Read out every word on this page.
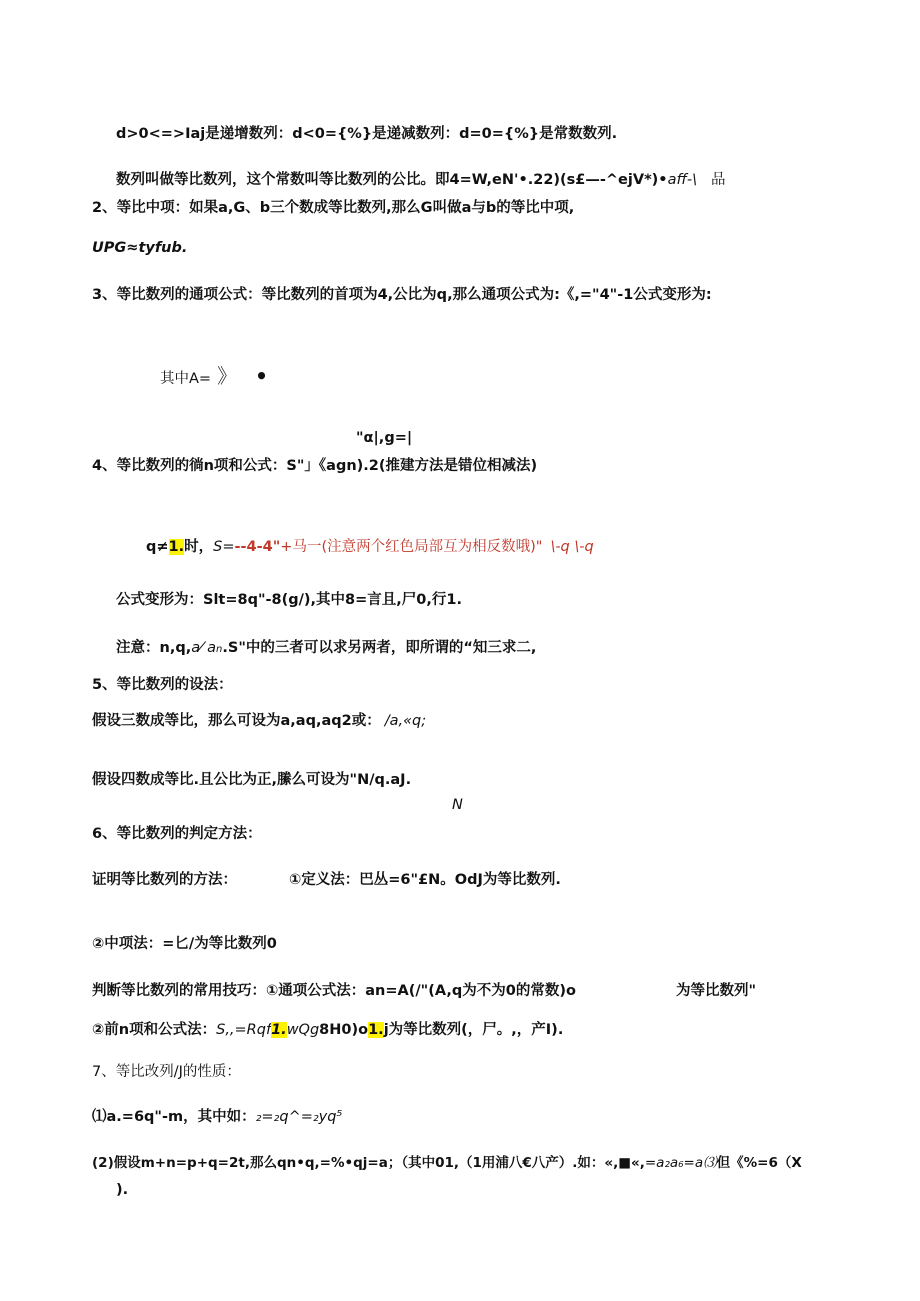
d>0<=>Iaj是递增数列：d<0={%}是递减数列：d=0={%}是常数数列.
数列叫做等比数列，这个常数叫等比数列的公比。即4=W,eN'•.22)(s£—-^ejV*)•aff-\ 品
2、等比中项：如果a,G、b三个数成等比数列,那么G叫做a与b的等比中项,
UPG≈tyfub.
3、等比数列的通项公式：等比数列的首项为4,公比为q,那么通项公式为:《,="4"-1公式变形为:
其中A= 》 •
"α|,g=|
4、等比数列的徜n项和公式：S"」《agn).2(推建方法是错位相减法)
q≠1.时，S=--4-4"+马一(注意两个红色局部互为相反数哦)" \-q \-q
公式变形为：Slt=8q"-8(g∕),其中8=言且,尸0,行1.
注意：n,q,a⁄ an.S"中的三者可以求另两者，即所谓的“知三求二,
5、等比数列的设法：
假设三数成等比，那么可设为a,aq,aq2或： ∕a,«q;
假设四数成等比.且公比为正,縢么可设为"N/q.aJ.
N
6、等比数列的判定方法：
证明等比数列的方法：	①定义法：巴丛=6"£N。OdJ为等比数列.
②中项法：=匕∕为等比数列0
判断等比数列的常用技巧：①通项公式法：an=A(∕"(A,q为不为0的常数)o	为等比数列"
②前n项和公式法：S,,=Rqf1.wQg8H0)o1.j为等比数列(，尸。,，产I).
7、等比改列∕J的性质：
⑴a.=6q"-m，其中如：₂=₂q^=₂yq⁵
(2)假设m+n=p+q=2t,那么qn•q,=%•qj=a；（其中01,（1用浦八€八产）.如：«,■«,=a₂a₆=a⑶但《%=6（X
).
